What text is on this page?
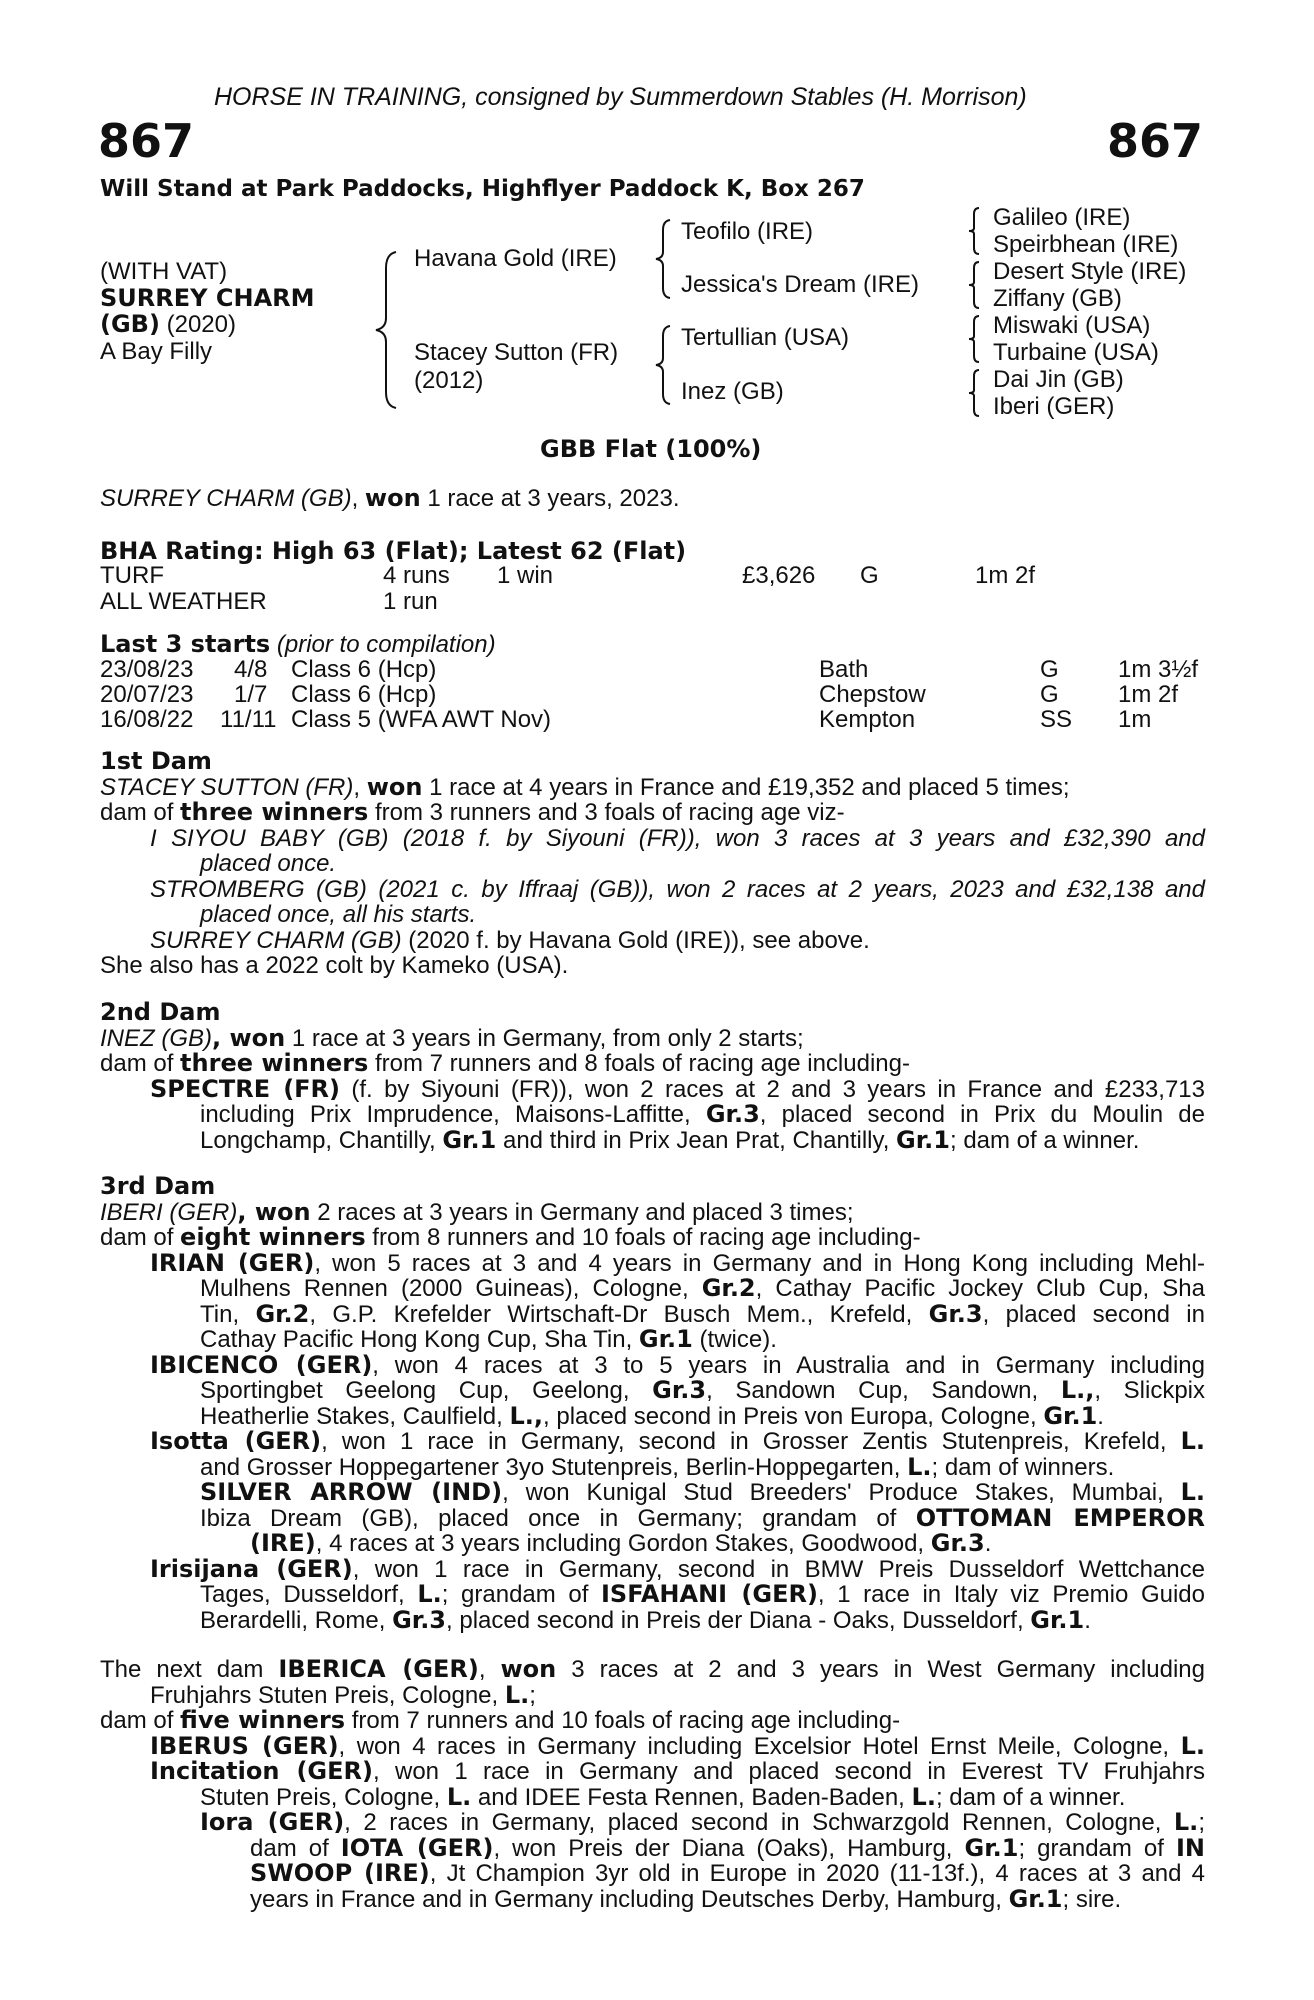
HORSE IN TRAINING, consigned by Summerdown Stables (H. Morrison)
867	867
Will Stand at Park Paddocks, Highflyer Paddock K, Box 267
(WITH VAT)
SURREY CHARM
(GB) (2020)
A Bay Filly
Havana Gold (IRE)
Stacey Sutton (FR)
(2012)
Teofilo (IRE)
Jessica's Dream (IRE)
Tertullian (USA)
Inez (GB)
Galileo (IRE)
Speirbhean (IRE)
Desert Style (IRE)
Ziffany (GB)
Miswaki (USA)
Turbaine (USA)
Dai Jin (GB)
Iberi (GER)
GBB Flat (100%)
SURREY CHARM (GB), won 1 race at 3 years, 2023.
BHA Rating: High 63 (Flat); Latest 62 (Flat)
TURF	4 runs 1 win	£3,626 G	1m 2f
ALL WEATHER	1 run
Last 3 starts (prior to compilation)
23/08/23 4/8 Class 6 (Hcp)	Bath	G 1m 3½f
20/07/23 1/7 Class 6 (Hcp)	Chepstow	G 1m 2f
16/08/22 11/11 Class 5 (WFA AWT Nov)	Kempton	SS 1m
1st Dam
STACEY SUTTON (FR), won 1 race at 4 years in France and £19,352 and placed 5 times;
dam of three winners from 3 runners and 3 foals of racing age viz-
I SIYOU BABY (GB) (2018 f. by Siyouni (FR)), won 3 races at 3 years and £32,390 and
placed once.
STROMBERG (GB) (2021 c. by Iffraaj (GB)), won 2 races at 2 years, 2023 and £32,138 and
placed once, all his starts.
SURREY CHARM (GB) (2020 f. by Havana Gold (IRE)), see above.
She also has a 2022 colt by Kameko (USA).
2nd Dam
INEZ (GB), won 1 race at 3 years in Germany, from only 2 starts;
dam of three winners from 7 runners and 8 foals of racing age including-
SPECTRE (FR) (f. by Siyouni (FR)), won 2 races at 2 and 3 years in France and £233,713
including Prix Imprudence, Maisons-Laffitte, Gr.3, placed second in Prix du Moulin de
Longchamp, Chantilly, Gr.1 and third in Prix Jean Prat, Chantilly, Gr.1; dam of a winner.
3rd Dam
IBERI (GER), won 2 races at 3 years in Germany and placed 3 times;
dam of eight winners from 8 runners and 10 foals of racing age including-
IRIAN (GER), won 5 races at 3 and 4 years in Germany and in Hong Kong including Mehl-
Mulhens Rennen (2000 Guineas), Cologne, Gr.2, Cathay Pacific Jockey Club Cup, Sha
Tin, Gr.2, G.P. Krefelder Wirtschaft-Dr Busch Mem., Krefeld, Gr.3, placed second in
Cathay Pacific Hong Kong Cup, Sha Tin, Gr.1 (twice).
IBICENCO (GER), won 4 races at 3 to 5 years in Australia and in Germany including
Sportingbet Geelong Cup, Geelong, Gr.3, Sandown Cup, Sandown, L.,, Slickpix
Heatherlie Stakes, Caulfield, L.,, placed second in Preis von Europa, Cologne, Gr.1.
Isotta (GER), won 1 race in Germany, second in Grosser Zentis Stutenpreis, Krefeld, L.
and Grosser Hoppegartener 3yo Stutenpreis, Berlin-Hoppegarten, L.; dam of winners.
SILVER ARROW (IND), won Kunigal Stud Breeders' Produce Stakes, Mumbai, L.
Ibiza Dream (GB), placed once in Germany; grandam of OTTOMAN EMPEROR
(IRE), 4 races at 3 years including Gordon Stakes, Goodwood, Gr.3.
Irisijana (GER), won 1 race in Germany, second in BMW Preis Dusseldorf Wettchance
Tages, Dusseldorf, L.; grandam of ISFAHANI (GER), 1 race in Italy viz Premio Guido
Berardelli, Rome, Gr.3, placed second in Preis der Diana - Oaks, Dusseldorf, Gr.1.
The next dam IBERICA (GER), won 3 races at 2 and 3 years in West Germany including
Fruhjahrs Stuten Preis, Cologne, L.;
dam of five winners from 7 runners and 10 foals of racing age including-
IBERUS (GER), won 4 races in Germany including Excelsior Hotel Ernst Meile, Cologne, L.
Incitation (GER), won 1 race in Germany and placed second in Everest TV Fruhjahrs
Stuten Preis, Cologne, L. and IDEE Festa Rennen, Baden-Baden, L.; dam of a winner.
Iora (GER), 2 races in Germany, placed second in Schwarzgold Rennen, Cologne, L.;
dam of IOTA (GER), won Preis der Diana (Oaks), Hamburg, Gr.1; grandam of IN
SWOOP (IRE), Jt Champion 3yr old in Europe in 2020 (11-13f.), 4 races at 3 and 4
years in France and in Germany including Deutsches Derby, Hamburg, Gr.1; sire.
